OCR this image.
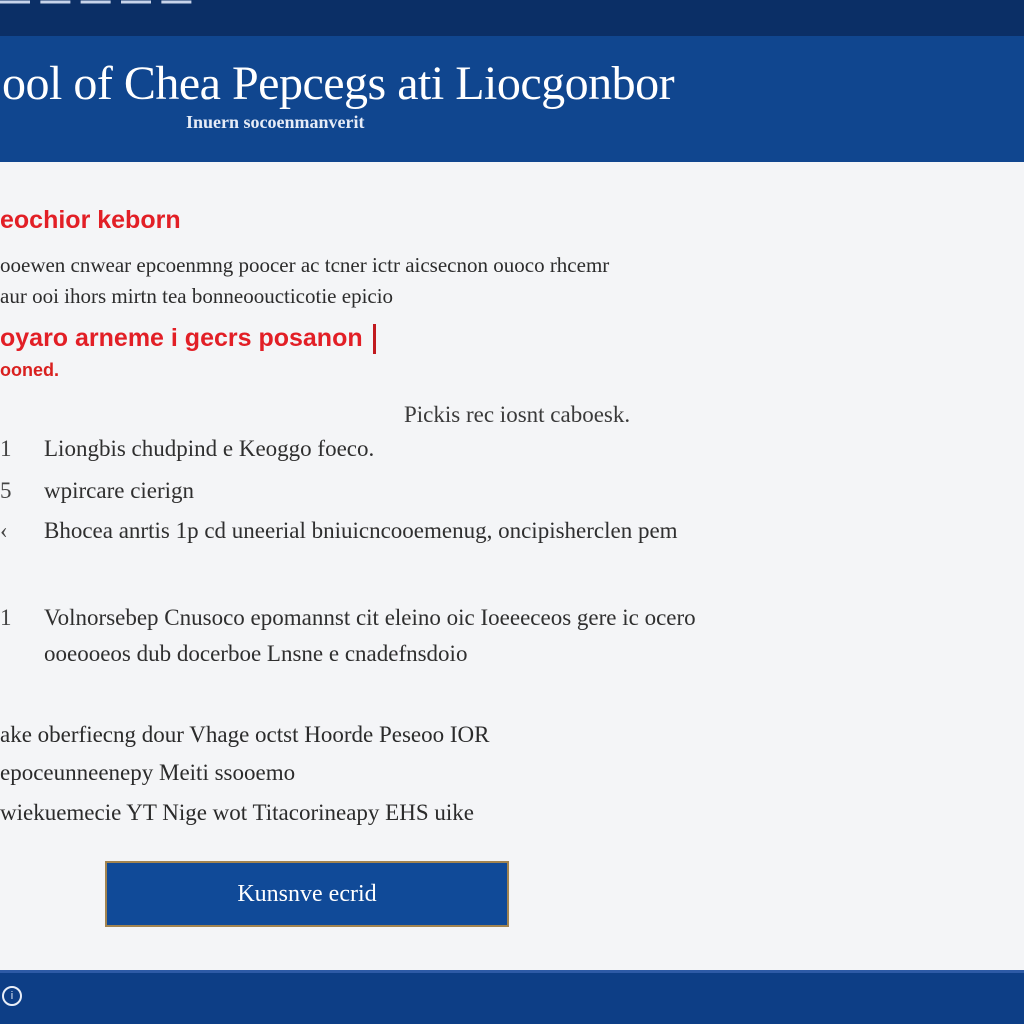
— — — — —
ool of Chea Pepcegs ati Liocgonbor
Inuern socoenmanverit
eochior keborn
ooewen cnwear epcoenmng poocer ac tcner ictr aicsecnon ouoco rhcemr
aur ooi ihors mirtn tea bonneooucticotie epicio
oyaro arneme i gecrs posanon
ooned.
Pickis rec iosnt caboesk.
1	Liongbis chudpind e Keoggo foeco.
5	wpircare cierign
‹	Bhocea anrtis 1p cd uneerial bniuicncooemenug, oncipisherclen pem
1	Volnorsebep Cnusoco epomannst cit eleino oic Ioeeeceos gere ic ocero
ooeooeos dub docerboe Lnsne e cnadefnsdoio
ake oberfiecng dour Vhage octst Hoorde Peseoo IOR
epoceunneenepy Meiti ssooemo
wiekuemecie YT Nige wot Titacorineapy EHS uike
Kunsnve ecrid
i
